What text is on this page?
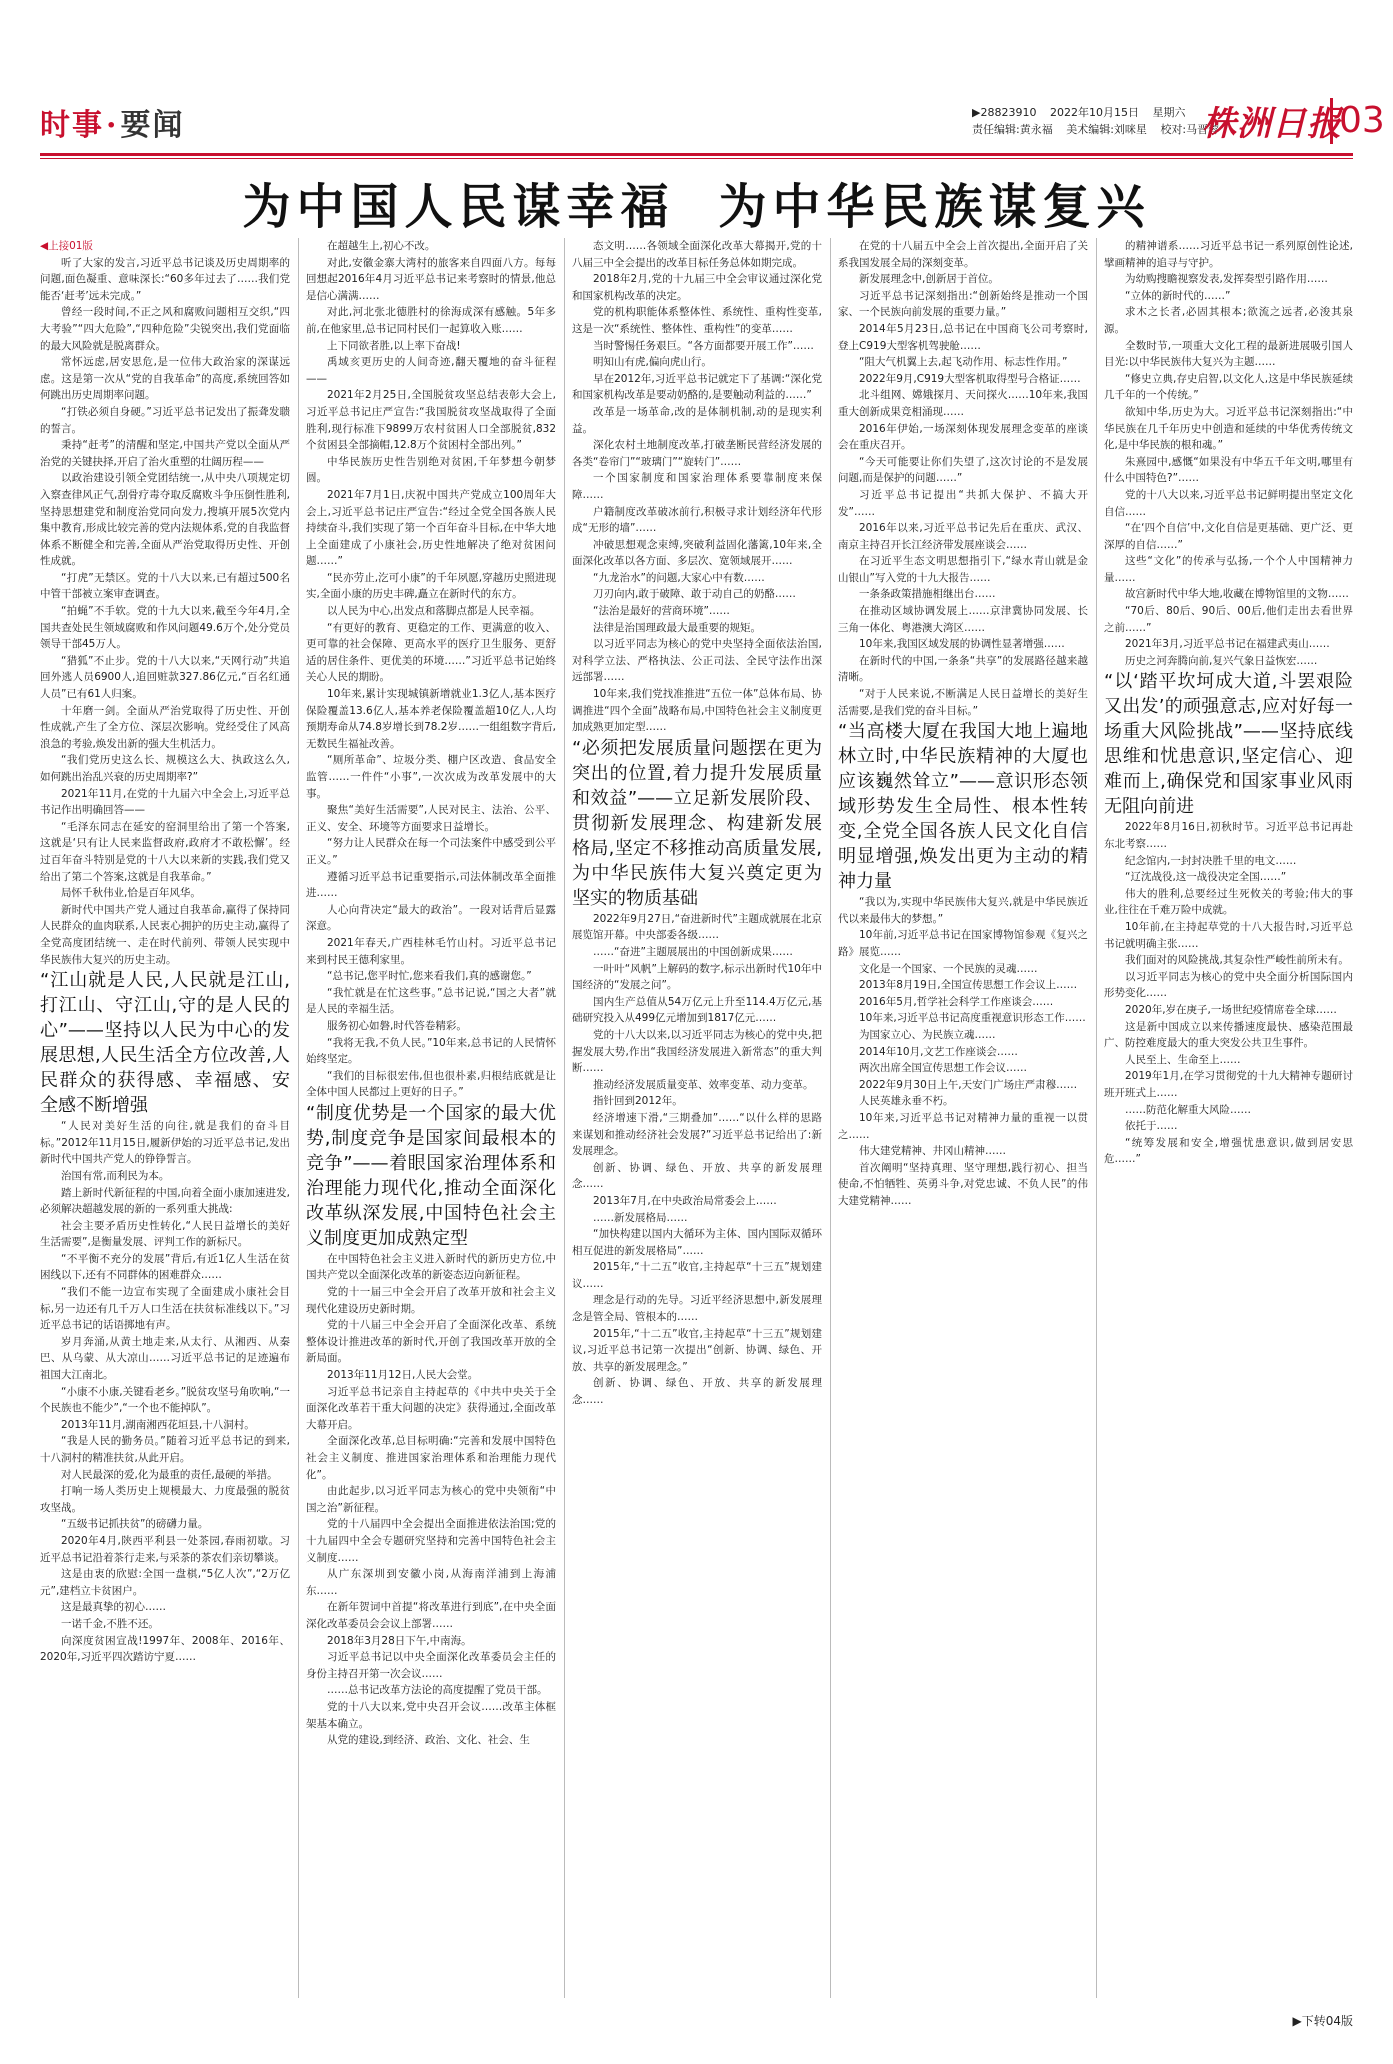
时事·要闻	▶28823910 2022年10月15日 星期六
责任编辑:黄永福 美术编辑:刘咪星 校对:马晋蓉
株洲日报
03
为中国人民谋幸福 为中华民族谋复兴

◀上接01版

听了大家的发言,习近平总书记谈及历史周期率的问题,面色凝重、意味深长:“60多年过去了……我们党能否‘赶考’远未完成。”

曾经一段时间,不正之风和腐败问题相互交织,“四大考验”“四大危险”,“四种危险”尖锐突出,我们党面临的最大风险就是脱离群众。

常怀远虑,居安思危,是一位伟大政治家的深谋远虑。这是第一次从“党的自我革命”的高度,系统回答如何跳出历史周期率问题。

“打铁必须自身硬。”习近平总书记发出了振聋发聩的誓言。

秉持“赶考”的清醒和坚定,中国共产党以全面从严治党的关键抉择,开启了治火重塑的壮阔历程——

以政治建设引领全党团结统一,从中央八项规定切入察查律风正气,刮骨疗毒夺取反腐败斗争压倒性胜利,坚持思想建党和制度治党同向发力,搜填开展5次党内集中教育,形成比较完善的党内法规体系,党的自我监督体系不断健全和完善,全面从严治党取得历史性、开创性成就。

“打虎”无禁区。党的十八大以来,已有超过500名中管干部被立案审查调查。

“拍蝇”不手软。党的十九大以来,截至今年4月,全国共查处民生领域腐败和作风问题49.6万个,处分党员领导干部45万人。

“猎狐”不止步。党的十八大以来,“天网行动”共追回外逃人员6900人,追回赃款327.86亿元,“百名红通人员”已有61人归案。

十年磨一剑。全面从严治党取得了历史性、开创性成就,产生了全方位、深层次影响。党经受住了风高浪急的考验,焕发出新的强大生机活力。

“我们党历史这么长、规模这么大、执政这么久,如何跳出治乱兴衰的历史周期率?”

2021年11月,在党的十九届六中全会上,习近平总书记作出明确回答——

“毛泽东同志在延安的窑洞里给出了第一个答案,这就是‘只有让人民来监督政府,政府才不敢松懈’。经过百年奋斗特别是党的十八大以来新的实践,我们党又给出了第二个答案,这就是自我革命。”

局怀千秋伟业,恰是百年风华。

新时代中国共产党人通过自我革命,赢得了保持同人民群众的血肉联系,人民衷心拥护的历史主动,赢得了全党高度团结统一、走在时代前列、带领人民实现中华民族伟大复兴的历史主动。

“江山就是人民,人民就是江山,打江山、守江山,守的是人民的心”——坚持以人民为中心的发展思想,人民生活全方位改善,人民群众的获得感、幸福感、安全感不断增强

“人民对美好生活的向往,就是我们的奋斗目标。”2012年11月15日,履新伊始的习近平总书记,发出新时代中国共产党人的铮铮誓言。

治国有常,而利民为本。

踏上新时代新征程的中国,向着全面小康加速进发,必须解决超越发展的新的一系列重大挑战:

社会主要矛盾历史性转化,“人民日益增长的美好生活需要”,是衡量发展、评判工作的新标尺。

“不平衡不充分的发展”背后,有近1亿人生活在贫困线以下,还有不同群体的困难群众……

“我们不能一边宣布实现了全面建成小康社会目标,另一边还有几千万人口生活在扶贫标准线以下。”习近平总书记的话语掷地有声。

岁月奔涌,从黄土地走来,从太行、从湘西、从秦巴、从乌蒙、从大凉山……习近平总书记的足迹遍布祖国大江南北。

“小康不小康,关键看老乡。”脱贫攻坚号角吹响,“一个民族也不能少”,“一个也不能掉队”。

2013年11月,湖南湘西花垣县,十八洞村。

“我是人民的勤务员。”随着习近平总书记的到来,十八洞村的精准扶贫,从此开启。

对人民最深的爱,化为最重的责任,最硬的举措。

打响一场人类历史上规模最大、力度最强的脱贫攻坚战。

“五级书记抓扶贫”的磅礴力量。

2020年4月,陕西平利县一处茶园,春雨初歇。习近平总书记沿着茶行走来,与采茶的茶农们亲切攀谈。

这是由衷的欣慰:全国一盘棋,“5亿人次”,“2万亿元”,建档立卡贫困户。

这是最真挚的初心……

一诺千金,不胜不还。

向深度贫困宣战!1997年、2008年、2016年、2020年,习近平四次踏访宁夏……

在超越生上,初心不改。

对此,安徽金寨大湾村的旅客来自四面八方。每每回想起2016年4月习近平总书记来考察时的情景,他总是信心满满……

对此,河北张北德胜村的徐海成深有感触。5年多前,在他家里,总书记同村民们一起算收入账……

上下同欲者胜,以上率下奋战!

禹域亥更历史的人间奇迹,翻天覆地的奋斗征程——

2021年2月25日,全国脱贫攻坚总结表彰大会上,习近平总书记庄严宣告:“我国脱贫攻坚战取得了全面胜利,现行标准下9899万农村贫困人口全部脱贫,832个贫困县全部摘帽,12.8万个贫困村全部出列。”

中华民族历史性告别绝对贫困,千年梦想今朝梦圆。

2021年7月1日,庆祝中国共产党成立100周年大会上,习近平总书记庄严宣告:“经过全党全国各族人民持续奋斗,我们实现了第一个百年奋斗目标,在中华大地上全面建成了小康社会,历史性地解决了绝对贫困问题……”

“民亦劳止,汔可小康”的千年夙愿,穿越历史照进现实,全面小康的历史丰碑,矗立在新时代的东方。

以人民为中心,出发点和落脚点都是人民幸福。

“有更好的教育、更稳定的工作、更满意的收入、更可靠的社会保障、更高水平的医疗卫生服务、更舒适的居住条件、更优美的环境……”习近平总书记始终关心人民的期盼。

10年来,累计实现城镇新增就业1.3亿人,基本医疗保险覆盖13.6亿人,基本养老保险覆盖超10亿人,人均预期寿命从74.8岁增长到78.2岁……一组组数字背后,无数民生福祉改善。

“厕所革命”、垃圾分类、棚户区改造、食品安全监管……一件件“小事”,一次次成为改革发展中的大事。

聚焦“美好生活需要”,人民对民主、法治、公平、正义、安全、环境等方面要求日益增长。

“努力让人民群众在每一个司法案件中感受到公平正义。”

遵循习近平总书记重要指示,司法体制改革全面推进……

人心向背决定“最大的政治”。一段对话背后显露深意。

2021年春天,广西桂林毛竹山村。习近平总书记来到村民王德利家里。

“总书记,您平时忙,您来看我们,真的感谢您。”

“我忙就是在忙这些事。”总书记说,“国之大者”就是人民的幸福生活。

服务初心如磐,时代答卷精彩。

“我将无我,不负人民。”10年来,总书记的人民情怀始终坚定。

“我们的目标很宏伟,但也很朴素,归根结底就是让全体中国人民都过上更好的日子。”

“制度优势是一个国家的最大优势,制度竞争是国家间最根本的竞争”——着眼国家治理体系和治理能力现代化,推动全面深化改革纵深发展,中国特色社会主义制度更加成熟定型

在中国特色社会主义进入新时代的新历史方位,中国共产党以全面深化改革的新姿态迈向新征程。

党的十一届三中全会开启了改革开放和社会主义现代化建设历史新时期。

党的十八届三中全会开启了全面深化改革、系统整体设计推进改革的新时代,开创了我国改革开放的全新局面。

2013年11月12日,人民大会堂。

习近平总书记亲自主持起草的《中共中央关于全面深化改革若干重大问题的决定》获得通过,全面改革大幕开启。

全面深化改革,总目标明确:“完善和发展中国特色社会主义制度、推进国家治理体系和治理能力现代化”。

由此起步,以习近平同志为核心的党中央领衔“中国之治”新征程。

党的十八届四中全会提出全面推进依法治国;党的十九届四中全会专题研究坚持和完善中国特色社会主义制度……

从广东深圳到安徽小岗,从海南洋浦到上海浦东……

在新年贺词中首提“将改革进行到底”,在中央全面深化改革委员会会议上部署……

2018年3月28日下午,中南海。

习近平总书记以中央全面深化改革委员会主任的身份主持召开第一次会议……

……总书记改革方法论的高度提醒了党员干部。

党的十八大以来,党中央召开会议……改革主体框架基本确立。

从党的建设,到经济、政治、文化、社会、生

态文明……各领域全面深化改革大幕揭开,党的十八届三中全会提出的改革目标任务总体如期完成。

2018年2月,党的十九届三中全会审议通过深化党和国家机构改革的决定。

党的机构职能体系整体性、系统性、重构性变革,这是一次“系统性、整体性、重构性”的变革……

当时警惕任务艰巨。“各方面都要开展工作”……

明知山有虎,偏向虎山行。

早在2012年,习近平总书记就定下了基调:“深化党和国家机构改革是要动奶酪的,是要触动利益的……”

改革是一场革命,改的是体制机制,动的是现实利益。

深化农村土地制度改革,打破垄断民营经济发展的各类“卷帘门”“玻璃门”“旋转门”……

一个国家制度和国家治理体系要靠制度来保障……

户籍制度改革破冰前行,积极寻求计划经济年代形成“无形的墙”……

冲破思想观念束缚,突破利益固化藩篱,10年来,全面深化改革以各方面、多层次、宽领域展开……

“九龙治水”的问题,大家心中有数……

刀刃向内,敢于破障、敢于动自己的奶酪……

“法治是最好的营商环境”……

法律是治国理政最大最重要的规矩。

以习近平同志为核心的党中央坚持全面依法治国,对科学立法、严格执法、公正司法、全民守法作出深远部署……

10年来,我们党找准推进“五位一体”总体布局、协调推进“四个全面”战略布局,中国特色社会主义制度更加成熟更加定型……

“必须把发展质量问题摆在更为突出的位置,着力提升发展质量和效益”——立足新发展阶段、贯彻新发展理念、构建新发展格局,坚定不移推动高质量发展,为中华民族伟大复兴奠定更为坚实的物质基础

2022年9月27日,“奋进新时代”主题成就展在北京展览馆开幕。中央部委各级……

……“奋进”主题展展出的中国创新成果……

一叶叶“风帆”上解码的数字,标示出新时代10年中国经济的“发展之问”。

国内生产总值从54万亿元上升至114.4万亿元,基础研究投入从499亿元增加到1817亿元……

党的十八大以来,以习近平同志为核心的党中央,把握发展大势,作出“我国经济发展进入新常态”的重大判断……

推动经济发展质量变革、效率变革、动力变革。

指针回到2012年。

经济增速下滑,“三期叠加”……“以什么样的思路来谋划和推动经济社会发展?”习近平总书记给出了:新发展理念。

创新、协调、绿色、开放、共享的新发展理念……

2013年7月,在中央政治局常委会上……

……新发展格局……

“加快构建以国内大循环为主体、国内国际双循环相互促进的新发展格局”……

2015年,“十二五”收官,主持起草“十三五”规划建议……

理念是行动的先导。习近平经济思想中,新发展理念是管全局、管根本的……

2015年,“十二五”收官,主持起草“十三五”规划建议,习近平总书记第一次提出“创新、协调、绿色、开放、共享的新发展理念。”

创新、协调、绿色、开放、共享的新发展理念……

在党的十八届五中全会上首次提出,全面开启了关系我国发展全局的深刻变革。

新发展理念中,创新居于首位。

习近平总书记深刻指出:“创新始终是推动一个国家、一个民族向前发展的重要力量。”

2014年5月23日,总书记在中国商飞公司考察时,登上C919大型客机驾驶舱……

“阻大气机翼上去,起飞动作用、标志性作用。”

2022年9月,C919大型客机取得型号合格证……

北斗组网、嫦娥探月、天问探火……10年来,我国重大创新成果竞相涌现……

2016年伊始,一场深刻体现发展理念变革的座谈会在重庆召开。

“今天可能要让你们失望了,这次讨论的不是发展问题,而是保护的问题……”

习近平总书记提出“共抓大保护、不搞大开发”……

2016年以来,习近平总书记先后在重庆、武汉、南京主持召开长江经济带发展座谈会……

在习近平生态文明思想指引下,“绿水青山就是金山银山”写入党的十九大报告……

一条条政策措施相继出台……

在推动区域协调发展上……京津冀协同发展、长三角一体化、粤港澳大湾区……

10年来,我国区域发展的协调性显著增强……

在新时代的中国,一条条“共享”的发展路径越来越清晰。

“对于人民来说,不断满足人民日益增长的美好生活需要,是我们党的奋斗目标。”

“当高楼大厦在我国大地上遍地林立时,中华民族精神的大厦也应该巍然耸立”——意识形态领域形势发生全局性、根本性转变,全党全国各族人民文化自信明显增强,焕发出更为主动的精神力量

“我以为,实现中华民族伟大复兴,就是中华民族近代以来最伟大的梦想。”

10年前,习近平总书记在国家博物馆参观《复兴之路》展览……

文化是一个国家、一个民族的灵魂……

2013年8月19日,全国宣传思想工作会议上……

2016年5月,哲学社会科学工作座谈会……

10年来,习近平总书记高度重视意识形态工作……

为国家立心、为民族立魂……

2014年10月,文艺工作座谈会……

两次出席全国宣传思想工作会议……

2022年9月30日上午,天安门广场庄严肃穆……

人民英雄永垂不朽。

10年来,习近平总书记对精神力量的重视一以贯之……

伟大建党精神、井冈山精神……

首次阐明“坚持真理、坚守理想,践行初心、担当使命,不怕牺牲、英勇斗争,对党忠诚、不负人民”的伟大建党精神……

的精神谱系……习近平总书记一系列原创性论述,擘画精神的追寻与守护。

为幼购搜瞻视察发表,发挥奏型引路作用……

“立体的新时代的……”

求木之长者,必固其根本;欲流之远者,必浚其泉源。

全数时节,一项重大文化工程的最新进展吸引国人目光:以中华民族伟大复兴为主题……

“修史立典,存史启智,以文化人,这是中华民族延续几千年的一个传统。”

欲知中华,历史为大。习近平总书记深刻指出:“中华民族在几千年历史中创造和延续的中华优秀传统文化,是中华民族的根和魂。”

朱熹园中,感慨“如果没有中华五千年文明,哪里有什么中国特色?”……

党的十八大以来,习近平总书记鲜明提出坚定文化自信……

“在‘四个自信’中,文化自信是更基础、更广泛、更深厚的自信……”

这些“文化”的传承与弘扬,一个个人中国精神力量……

故宫新时代中华大地,收藏在博物馆里的文物……

“70后、80后、90后、00后,他们走出去看世界之前……”

2021年3月,习近平总书记在福建武夷山……

历史之河奔腾向前,复兴气象日益恢宏……

“以‘踏平坎坷成大道,斗罢艰险又出发’的顽强意志,应对好每一场重大风险挑战”——坚持底线思维和忧患意识,坚定信心、迎难而上,确保党和国家事业风雨无阻向前进

2022年8月16日,初秋时节。习近平总书记再赴东北考察……

纪念馆内,一封封决胜千里的电文……

“辽沈战役,这一战役决定全国……”

伟大的胜利,总要经过生死攸关的考验;伟大的事业,往往在千难万险中成就。

10年前,在主持起草党的十八大报告时,习近平总书记就明确主张……

我们面对的风险挑战,其复杂性严峻性前所未有。

以习近平同志为核心的党中央全面分析国际国内形势变化……

2020年,岁在庚子,一场世纪疫情席卷全球……

这是新中国成立以来传播速度最快、感染范围最广、防控难度最大的重大突发公共卫生事件。

人民至上、生命至上……

2019年1月,在学习贯彻党的十九大精神专题研讨班开班式上……

……防范化解重大风险……

依托于……

“统筹发展和安全,增强忧患意识,做到居安思危……”

▶下转04版
